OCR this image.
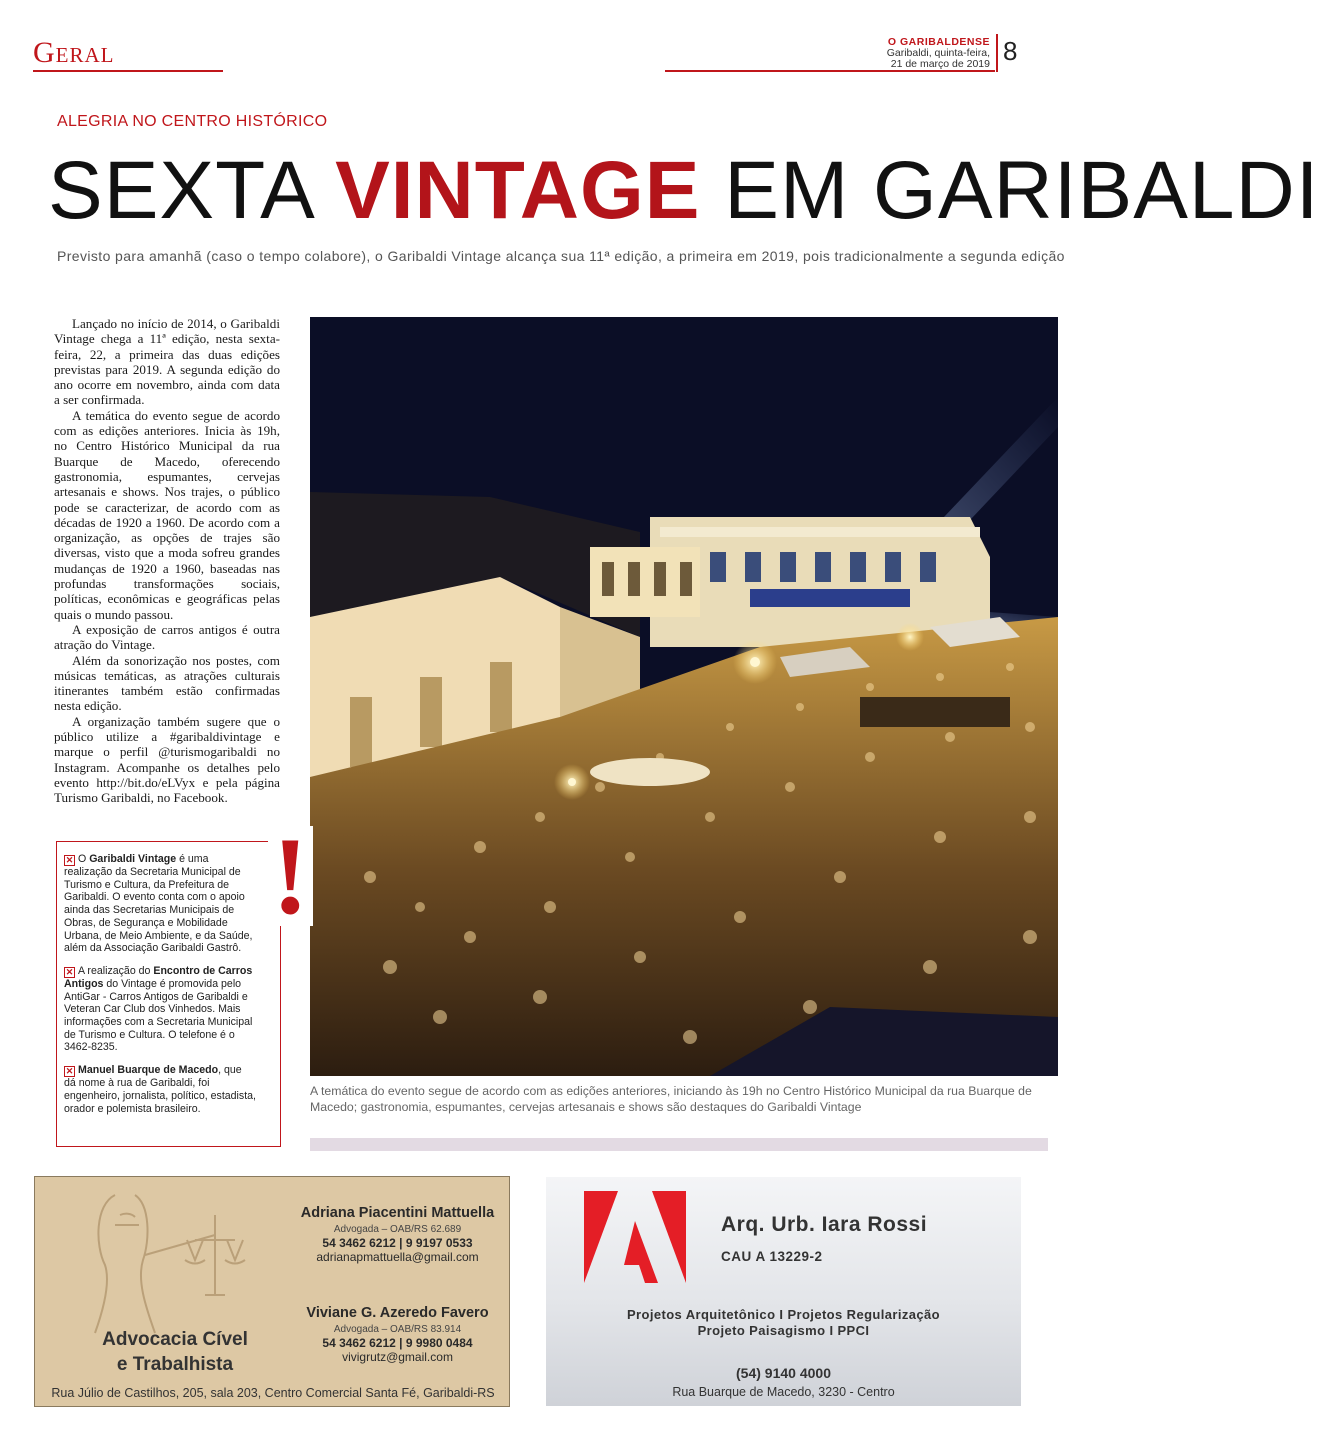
Geral	O GARIBALDENSE
Garibaldi, quinta-feira,
21 de março de 2019 8
ALEGRIA NO CENTRO HISTÓRICO
SEXTA VINTAGE EM GARIBALDI
Previsto para amanhã (caso o tempo colabore), o Garibaldi Vintage alcança sua 11ª edição, a primeira em 2019, pois tradicionalmente a segunda edição

Lançado no início de 2014, o Garibaldi Vintage chega a 11ª edição, nesta sexta-feira, 22, a primeira das duas edições previstas para 2019. A segunda edição do ano ocorre em novembro, ainda com data a ser confirmada.

A temática do evento segue de acordo com as edições anteriores. Inicia às 19h, no Centro Histórico Municipal da rua Buarque de Macedo, oferecendo gastronomia, espumantes, cervejas artesanais e shows. Nos trajes, o público pode se caracterizar, de acordo com as décadas de 1920 a 1960. De acordo com a organização, as opções de trajes são diversas, visto que a moda sofreu grandes mudanças de 1920 a 1960, baseadas nas profundas transformações sociais, políticas, econômicas e geográficas pelas quais o mundo passou.

A exposição de carros antigos é outra atração do Vintage.

Além da sonorização nos postes, com músicas temáticas, as atrações culturais itinerantes também estão confirmadas nesta edição.

A organização também sugere que o público utilize a #garibaldivintage e marque o perfil @turismogaribaldi no Instagram. Acompanhe os detalhes pelo evento http://bit.do/eLVyx e pela página Turismo Garibaldi, no Facebook.

A temática do evento segue de acordo com as edições anteriores, iniciando às 19h no Centro Histórico Municipal da rua Buarque de Macedo; gastronomia, espumantes, cervejas artesanais e shows são destaques do Garibaldi Vintage

✕ O Garibaldi Vintage é uma realização da Secretaria Municipal de Turismo e Cultura, da Prefeitura de Garibaldi. O evento conta com o apoio ainda das Secretarias Municipais de Obras, de Segurança e Mobilidade Urbana, de Meio Ambiente, e da Saúde, além da Associação Garibaldi Gastrô.

✕ A realização do Encontro de Carros Antigos do Vintage é promovida pelo AntiGar - Carros Antigos de Garibaldi e Veteran Car Club dos Vinhedos. Mais informações com a Secretaria Municipal de Turismo e Cultura. O telefone é o 3462-8235.

✕ Manuel Buarque de Macedo, que dá nome à rua de Garibaldi, foi engenheiro, jornalista, político, estadista, orador e polemista brasileiro.

!
Adriana Piacentini Mattuella
Advogada – OAB/RS 62.689
54 3462 6212 | 9 9197 0533
adrianapmattuella@gmail.com
Viviane G. Azeredo Favero
Advogada – OAB/RS 83.914
54 3462 6212 | 9 9980 0484
vivigrutz@gmail.com
Advocacia Cível
e Trabalhista
Rua Júlio de Castilhos, 205, sala 203, Centro Comercial Santa Fé, Garibaldi-RS
Arq. Urb. Iara Rossi
CAU A 13229-2
Projetos Arquitetônico I Projetos Regularização
Projeto Paisagismo I PPCI
(54) 9140 4000
Rua Buarque de Macedo, 3230 - Centro
